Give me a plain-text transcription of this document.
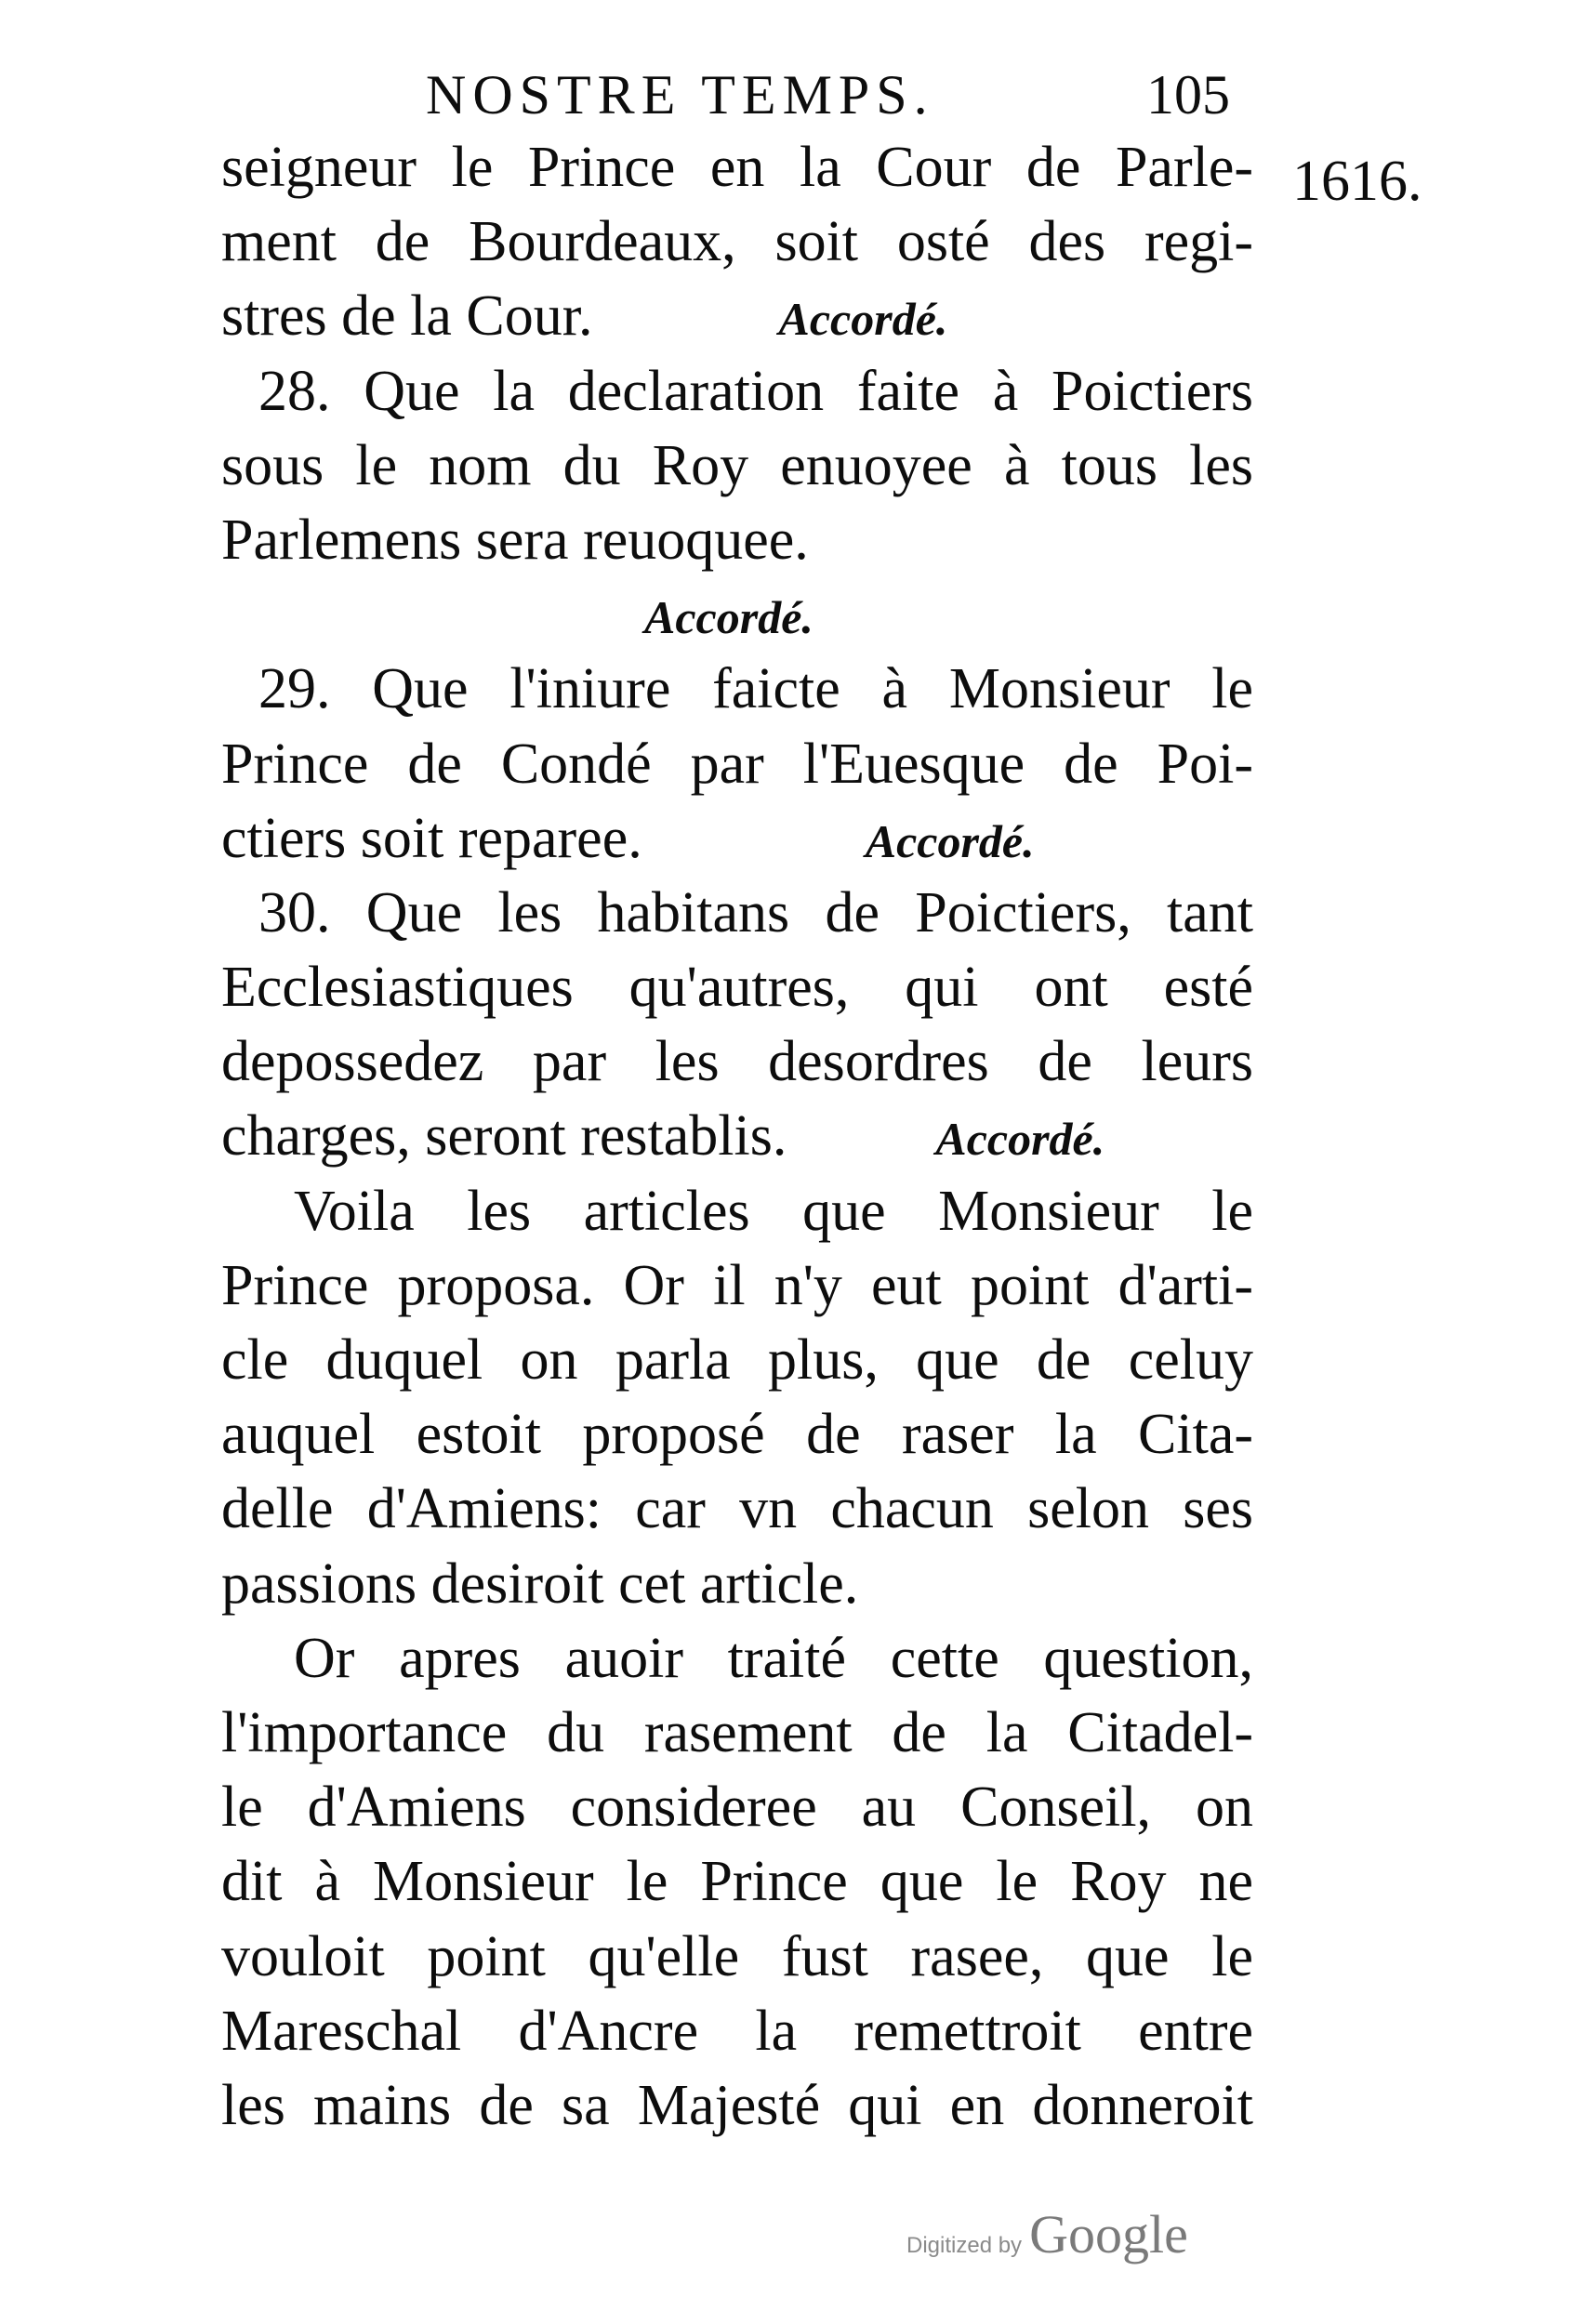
NOSTRE TEMPS.	105
1616.
seigneur le Prince en la Cour de Parle-
ment de Bourdeaux, soit osté des regi-
stres de la Cour.	Accordé.
28. Que la declaration faite à Poictiers
sous le nom du Roy enuoyee à tous les
Parlemens sera reuoquee.
Accordé.
29. Que l'iniure faicte à Monsieur le
Prince de Condé par l'Euesque de Poi-
ctiers soit reparee.	Accordé.
30. Que les habitans de Poictiers, tant
Ecclesiastiques qu'autres, qui ont esté
depossedez par les desordres de leurs
charges, seront restablis.	Accordé.
Voila les articles que Monsieur le
Prince proposa. Or il n'y eut point d'arti-
cle duquel on parla plus, que de celuy
auquel estoit proposé de raser la Cita-
delle d'Amiens: car vn chacun selon ses
passions desiroit cet article.
Or apres auoir traité cette question,
l'importance du rasement de la Citadel-
le d'Amiens consideree au Conseil, on
dit à Monsieur le Prince que le Roy ne
vouloit point qu'elle fust rasee, que le
Mareschal d'Ancre la remettroit entre
les mains de sa Majesté qui en donneroit
Digitized by Google
